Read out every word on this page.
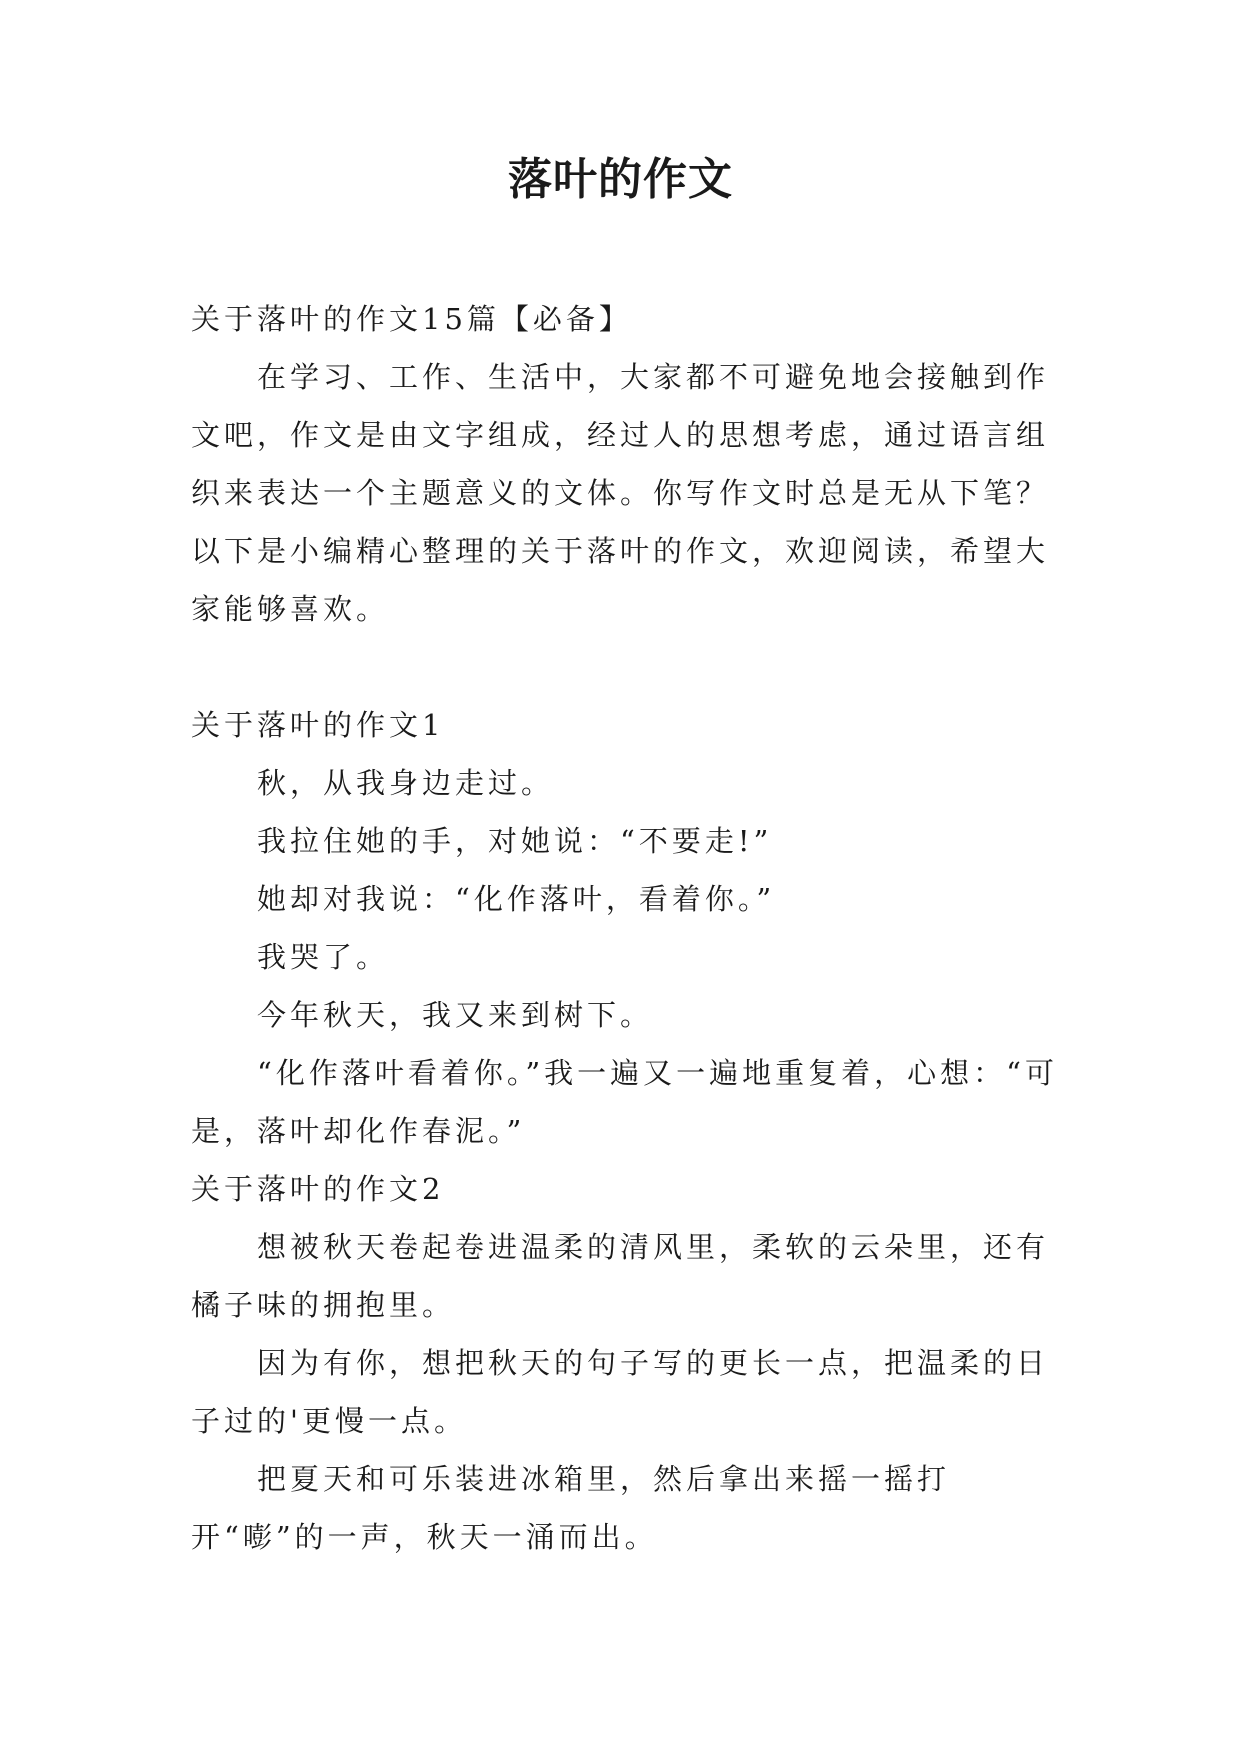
落叶的作文

关于落叶的作文15篇【必备】

在学习、工作、生活中，大家都不可避免地会接触到作文吧，作文是由文字组成，经过人的思想考虑，通过语言组织来表达一个主题意义的文体。你写作文时总是无从下笔？以下是小编精心整理的关于落叶的作文，欢迎阅读，希望大家能够喜欢。

关于落叶的作文1

秋，从我身边走过。

我拉住她的手，对她说：“不要走!”

她却对我说：“化作落叶，看着你。”

我哭了。

今年秋天，我又来到树下。

“化作落叶看着你。”我一遍又一遍地重复着，心想：“可是，落叶却化作春泥。”

关于落叶的作文2

想被秋天卷起卷进温柔的清风里，柔软的云朵里，还有橘子味的拥抱里。

因为有你，想把秋天的句子写的更长一点，把温柔的日子过的'更慢一点。

把夏天和可乐装进冰箱里，然后拿出来摇一摇打开“嘭”的一声，秋天一涌而出。
